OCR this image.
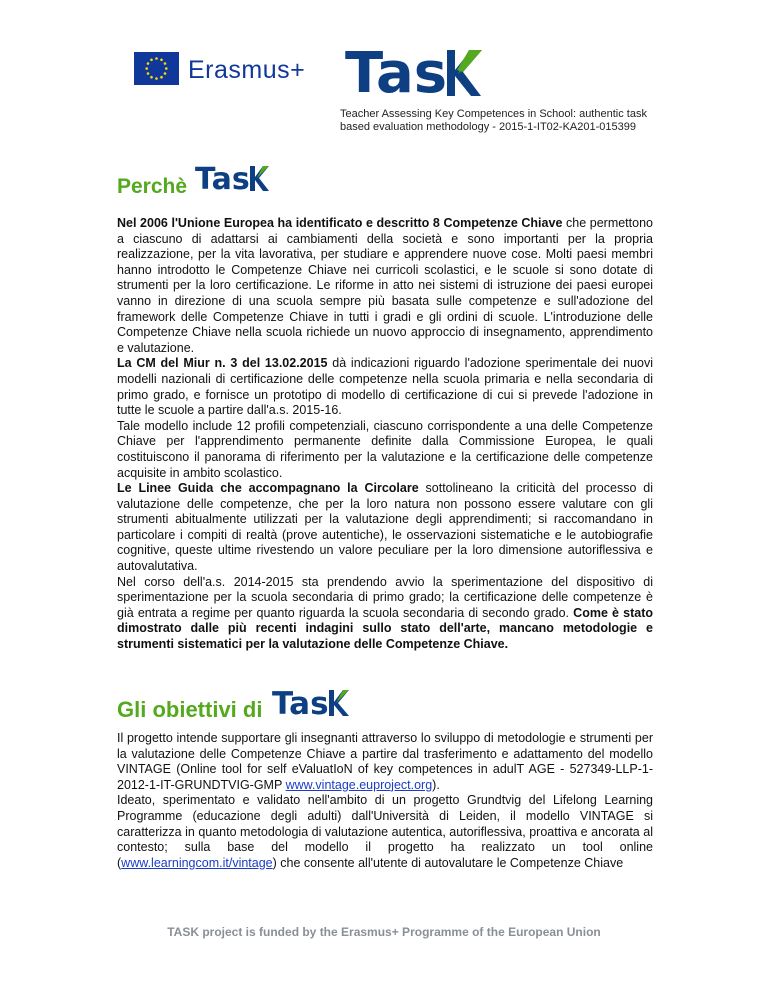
Erasmus+ Tas
Teacher Assessing Key Competences in School: authentic task based evaluation methodology - 2015-1-IT02-KA201-015399
Perchè Tas

Nel 2006 l'Unione Europea ha identificato e descritto 8 Competenze Chiave che permettono a ciascuno di adattarsi ai cambiamenti della società e sono importanti per la propria realizzazione, per la vita lavorativa, per studiare e apprendere nuove cose. Molti paesi membri hanno introdotto le Competenze Chiave nei curricoli scolastici, e le scuole si sono dotate di strumenti per la loro certificazione. Le riforme in atto nei sistemi di istruzione dei paesi europei vanno in direzione di una scuola sempre più basata sulle competenze e sull'adozione del framework delle Competenze Chiave in tutti i gradi e gli ordini di scuole. L'introduzione delle Competenze Chiave nella scuola richiede un nuovo approccio di insegnamento, apprendimento e valutazione.

La CM del Miur n. 3 del 13.02.2015 dà indicazioni riguardo l'adozione sperimentale dei nuovi modelli nazionali di certificazione delle competenze nella scuola primaria e nella secondaria di primo grado, e fornisce un prototipo di modello di certificazione di cui si prevede l'adozione in tutte le scuole a partire dall'a.s. 2015-16.

Tale modello include 12 profili competenziali, ciascuno corrispondente a una delle Competenze Chiave per l'apprendimento permanente definite dalla Commissione Europea, le quali costituiscono il panorama di riferimento per la valutazione e la certificazione delle competenze acquisite in ambito scolastico.

Le Linee Guida che accompagnano la Circolare sottolineano la criticità del processo di valutazione delle competenze, che per la loro natura non possono essere valutare con gli strumenti abitualmente utilizzati per la valutazione degli apprendimenti; si raccomandano in particolare i compiti di realtà (prove autentiche), le osservazioni sistematiche e le autobiografie cognitive, queste ultime rivestendo un valore peculiare per la loro dimensione autoriflessiva e autovalutativa.

Nel corso dell'a.s. 2014-2015 sta prendendo avvio la sperimentazione del dispositivo di sperimentazione per la scuola secondaria di primo grado; la certificazione delle competenze è già entrata a regime per quanto riguarda la scuola secondaria di secondo grado. Come è stato dimostrato dalle più recenti indagini sullo stato dell'arte, mancano metodologie e strumenti sistematici per la valutazione delle Competenze Chiave.

Gli obiettivi di Tas

Il progetto intende supportare gli insegnanti attraverso lo sviluppo di metodologie e strumenti per la valutazione delle Competenze Chiave a partire dal trasferimento e adattamento del modello VINTAGE (Online tool for self eValuatIoN of key competences in adulT AGE - 527349-LLP-1-2012-1-IT-GRUNDTVIG-GMP www.vintage.euproject.org).

Ideato, sperimentato e validato nell'ambito di un progetto Grundtvig del Lifelong Learning Programme (educazione degli adulti) dall'Università di Leiden, il modello VINTAGE si caratterizza in quanto metodologia di valutazione autentica, autoriflessiva, proattiva e ancorata al contesto; sulla base del modello il progetto ha realizzato un tool online (www.learningcom.it/vintage) che consente all'utente di autovalutare le Competenze Chiave

TASK project is funded by the Erasmus+ Programme of the European Union
